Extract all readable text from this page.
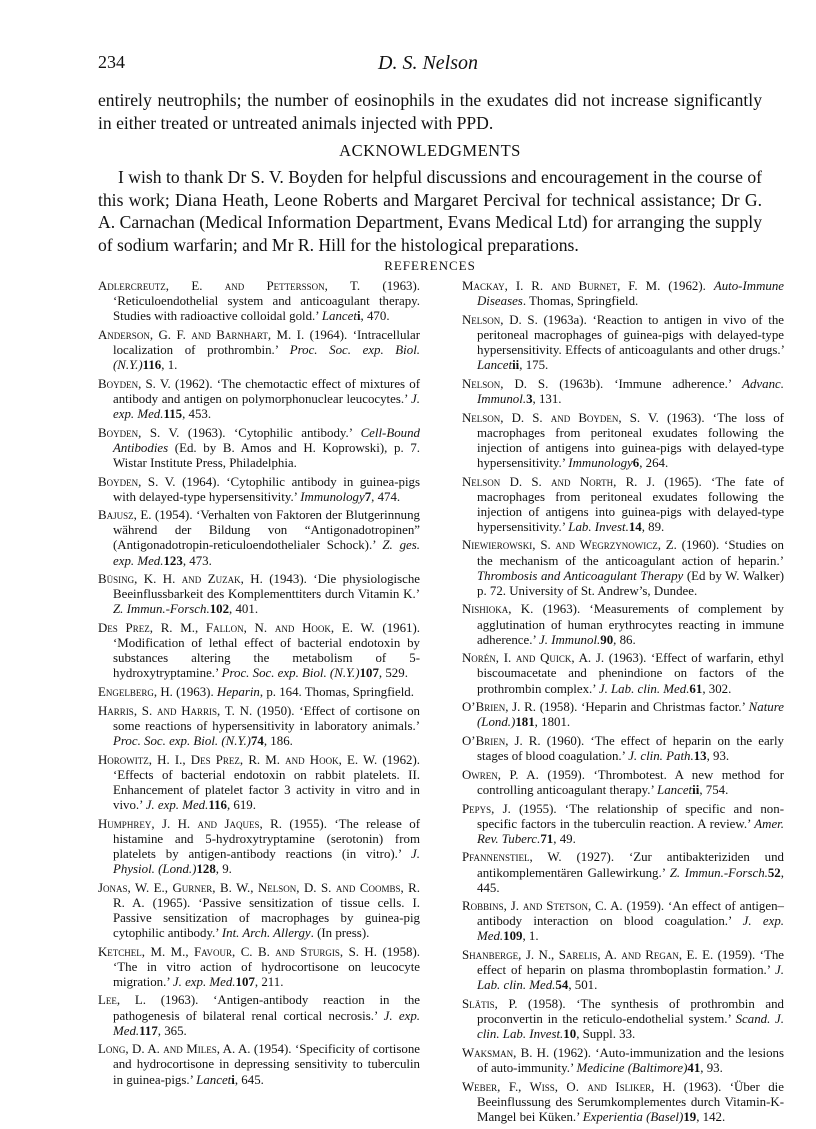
234	D. S. Nelson

entirely neutrophils; the number of eosinophils in the exudates did not increase significantly in either treated or untreated animals injected with PPD.

ACKNOWLEDGMENTS

I wish to thank Dr S. V. Boyden for helpful discussions and encouragement in the course of this work; Diana Heath, Leone Roberts and Margaret Percival for technical assistance; Dr G. A. Carnachan (Medical Information Department, Evans Medical Ltd) for arranging the supply of sodium warfarin; and Mr R. Hill for the histological preparations.

REFERENCES

Adlercreutz, E. and Pettersson, T. (1963). ‘Reticuloendothelial system and anticoagulant therapy. Studies with radioactive colloidal gold.’ Lanceti, 470.

Anderson, G. F. and Barnhart, M. I. (1964). ‘Intracellular localization of prothrombin.’ Proc. Soc. exp. Biol. (N.Y.)116, 1.

Boyden, S. V. (1962). ‘The chemotactic effect of mixtures of antibody and antigen on polymorphonuclear leucocytes.’ J. exp. Med.115, 453.

Boyden, S. V. (1963). ‘Cytophilic antibody.’ Cell-Bound Antibodies (Ed. by B. Amos and H. Koprowski), p. 7. Wistar Institute Press, Philadelphia.

Boyden, S. V. (1964). ‘Cytophilic antibody in guinea-pigs with delayed-type hypersensitivity.’ Immunology7, 474.

Bajusz, E. (1954). ‘Verhalten von Faktoren der Blutgerinnung während der Bildung von “Antigonadotropinen” (Antigonadotropin-reticuloendothelialer Schock).’ Z. ges. exp. Med.123, 473.

Büsing, K. H. and Zuzak, H. (1943). ‘Die physiologische Beeinflussbarkeit des Komplementtiters durch Vitamin K.’ Z. Immun.-Forsch.102, 401.

Des Prez, R. M., Fallon, N. and Hook, E. W. (1961). ‘Modification of lethal effect of bacterial endotoxin by substances altering the metabolism of 5-hydroxytryptamine.’ Proc. Soc. exp. Biol. (N.Y.)107, 529.

Engelberg, H. (1963). Heparin, p. 164. Thomas, Springfield.

Harris, S. and Harris, T. N. (1950). ‘Effect of cortisone on some reactions of hypersensitivity in laboratory animals.’ Proc. Soc. exp. Biol. (N.Y.)74, 186.

Horowitz, H. I., Des Prez, R. M. and Hook, E. W. (1962). ‘Effects of bacterial endotoxin on rabbit platelets. II. Enhancement of platelet factor 3 activity in vitro and in vivo.’ J. exp. Med.116, 619.

Humphrey, J. H. and Jaques, R. (1955). ‘The release of histamine and 5-hydroxytryptamine (serotonin) from platelets by antigen-antibody reactions (in vitro).’ J. Physiol. (Lond.)128, 9.

Jonas, W. E., Gurner, B. W., Nelson, D. S. and Coombs, R. R. A. (1965). ‘Passive sensitization of tissue cells. I. Passive sensitization of macrophages by guinea-pig cytophilic antibody.’ Int. Arch. Allergy. (In press).

Ketchel, M. M., Favour, C. B. and Sturgis, S. H. (1958). ‘The in vitro action of hydrocortisone on leucocyte migration.’ J. exp. Med.107, 211.

Lee, L. (1963). ‘Antigen-antibody reaction in the pathogenesis of bilateral renal cortical necrosis.’ J. exp. Med.117, 365.

Long, D. A. and Miles, A. A. (1954). ‘Specificity of cortisone and hydrocortisone in depressing sensitivity to tuberculin in guinea-pigs.’ Lanceti, 645.

Mackay, I. R. and Burnet, F. M. (1962). Auto-Immune Diseases. Thomas, Springfield.

Nelson, D. S. (1963a). ‘Reaction to antigen in vivo of the peritoneal macrophages of guinea-pigs with delayed-type hypersensitivity. Effects of anticoagulants and other drugs.’ Lancetii, 175.

Nelson, D. S. (1963b). ‘Immune adherence.’ Advanc. Immunol.3, 131.

Nelson, D. S. and Boyden, S. V. (1963). ‘The loss of macrophages from peritoneal exudates following the injection of antigens into guinea-pigs with delayed-type hypersensitivity.’ Immunology6, 264.

Nelson D. S. and North, R. J. (1965). ‘The fate of macrophages from peritoneal exudates following the injection of antigens into guinea-pigs with delayed-type hypersensitivity.’ Lab. Invest.14, 89.

Niewierowski, S. and Wegrzynowicz, Z. (1960). ‘Studies on the mechanism of the anticoagulant action of heparin.’ Thrombosis and Anticoagulant Therapy (Ed by W. Walker) p. 72. University of St. Andrew’s, Dundee.

Nishioka, K. (1963). ‘Measurements of complement by agglutination of human erythrocytes reacting in immune adherence.’ J. Immunol.90, 86.

Norén, I. and Quick, A. J. (1963). ‘Effect of warfarin, ethyl biscoumacetate and phenindione on factors of the prothrombin complex.’ J. Lab. clin. Med.61, 302.

O’Brien, J. R. (1958). ‘Heparin and Christmas factor.’ Nature (Lond.)181, 1801.

O’Brien, J. R. (1960). ‘The effect of heparin on the early stages of blood coagulation.’ J. clin. Path.13, 93.

Owren, P. A. (1959). ‘Thrombotest. A new method for controlling anticoagulant therapy.’ Lancetii, 754.

Pepys, J. (1955). ‘The relationship of specific and non-specific factors in the tuberculin reaction. A review.’ Amer. Rev. Tuberc.71, 49.

Pfannenstiel, W. (1927). ‘Zur antibakteriziden und antikomplementären Gallewirkung.’ Z. Immun.-Forsch.52, 445.

Robbins, J. and Stetson, C. A. (1959). ‘An effect of antigen–antibody interaction on blood coagulation.’ J. exp. Med.109, 1.

Shanberge, J. N., Sarelis, A. and Regan, E. E. (1959). ‘The effect of heparin on plasma thromboplastin formation.’ J. Lab. clin. Med.54, 501.

Slätis, P. (1958). ‘The synthesis of prothrombin and proconvertin in the reticulo-endothelial system.’ Scand. J. clin. Lab. Invest.10, Suppl. 33.

Waksman, B. H. (1962). ‘Auto-immunization and the lesions of auto-immunity.’ Medicine (Baltimore)41, 93.

Weber, F., Wiss, O. and Isliker, H. (1963). ‘Über die Beeinflussung des Serumkomplementes durch Vitamin-K-Mangel bei Küken.’ Experientia (Basel)19, 142.
